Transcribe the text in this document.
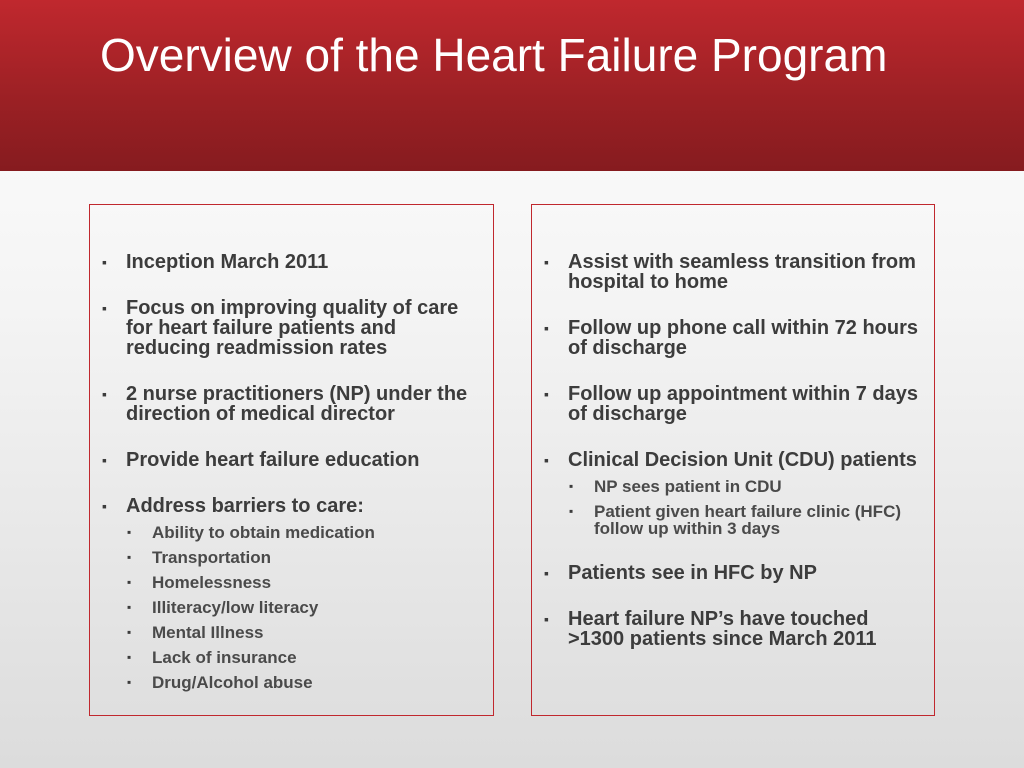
Overview of the Heart Failure Program
▪ Inception March 2011
▪ Focus on improving quality of care for heart failure patients and reducing readmission rates
▪ 2 nurse practitioners (NP) under the direction of medical director
▪ Provide heart failure education
▪ Address barriers to care:
▪ Ability to obtain medication
▪ Transportation
▪ Homelessness
▪ Illiteracy/low literacy
▪ Mental Illness
▪ Lack of insurance
▪ Drug/Alcohol abuse
▪ Assist with seamless transition from hospital to home
▪ Follow up phone call within 72 hours of discharge
▪ Follow up appointment within 7 days of discharge
▪ Clinical Decision Unit (CDU) patients
▪ NP sees patient in CDU
▪ Patient given heart failure clinic (HFC) follow up within 3 days
▪ Patients see in HFC by NP
▪ Heart failure NP’s have touched >1300 patients since March 2011
